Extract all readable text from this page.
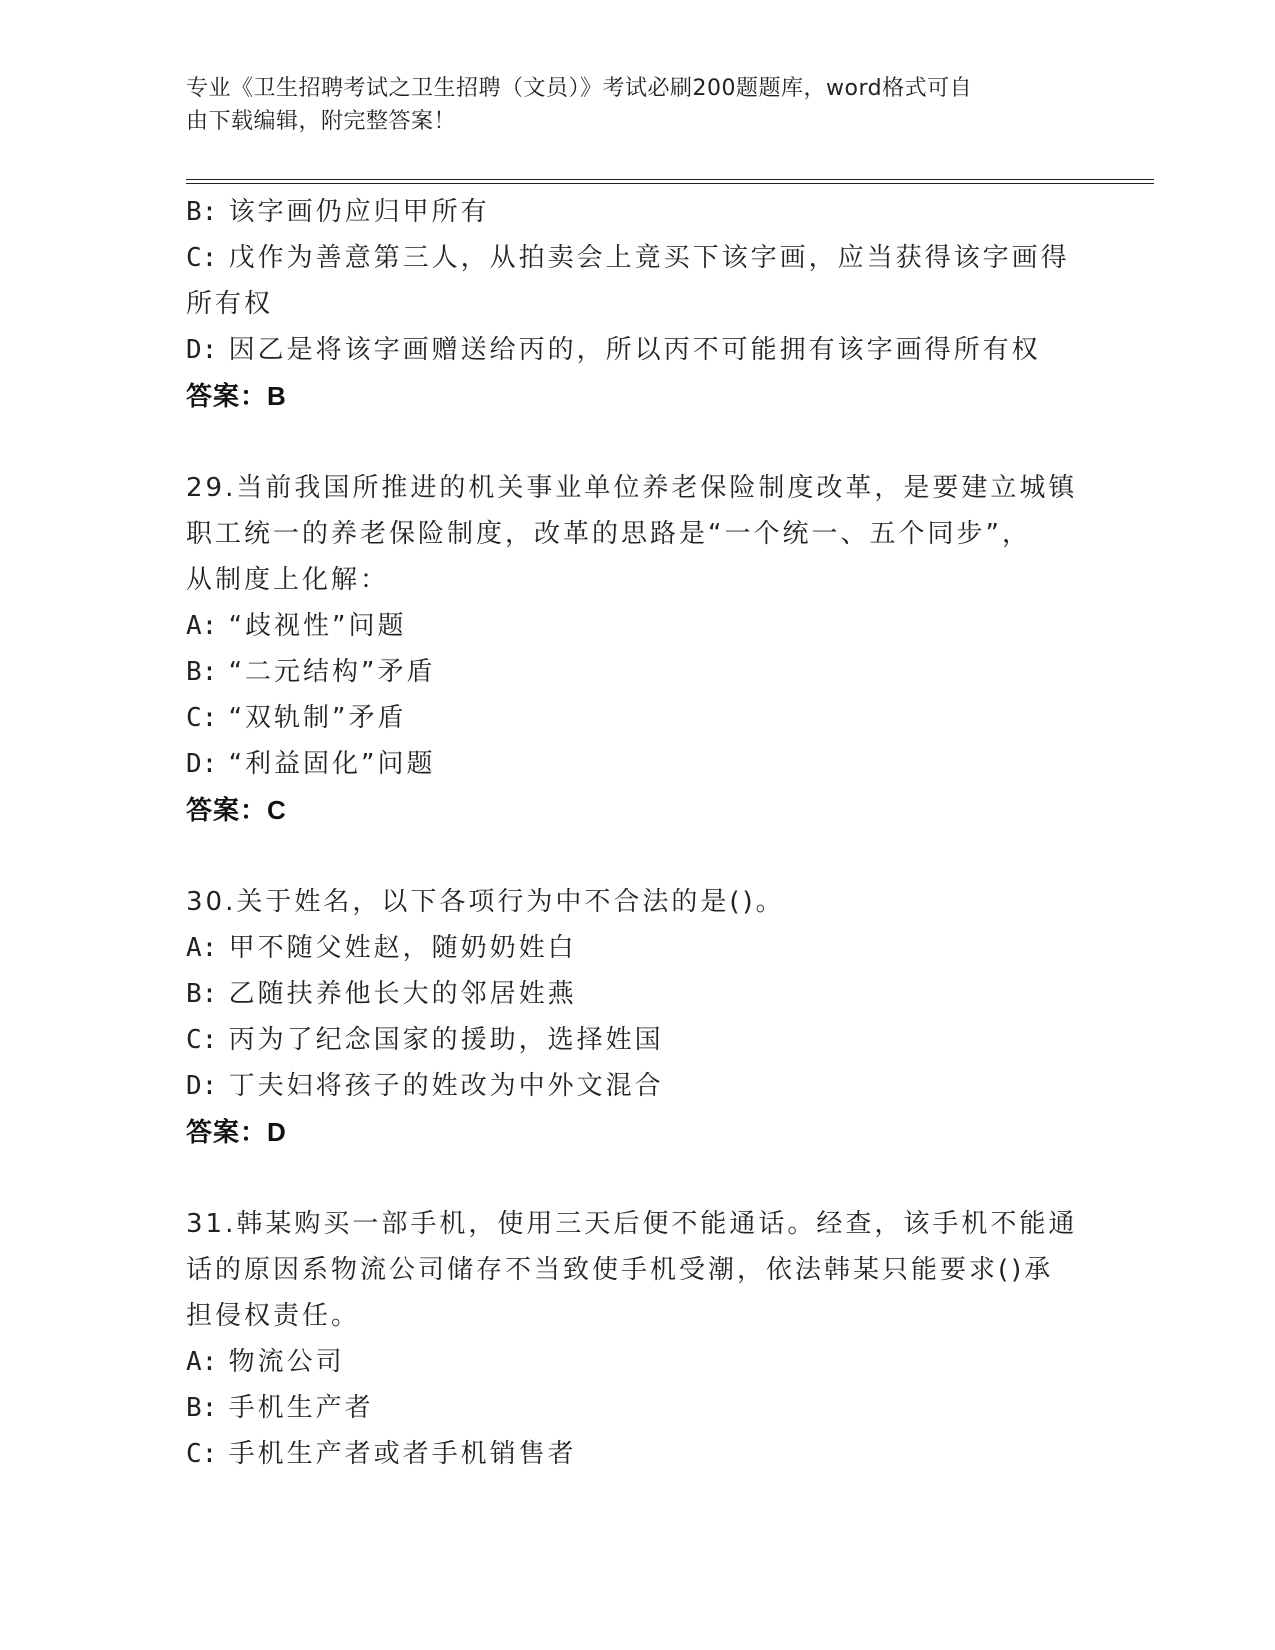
专业《卫生招聘考试之卫生招聘（文员）》考试必刷200题题库，word格式可自
由下载编辑，附完整答案！
B: 该字画仍应归甲所有
C: 戊作为善意第三人，从拍卖会上竟买下该字画，应当获得该字画得
所有权
D: 因乙是将该字画赠送给丙的，所以丙不可能拥有该字画得所有权
答案：B
29.当前我国所推进的机关事业单位养老保险制度改革，是要建立城镇
职工统一的养老保险制度，改革的思路是“一个统一、五个同步”，
从制度上化解：
A: “歧视性”问题
B: “二元结构”矛盾
C: “双轨制”矛盾
D: “利益固化”问题
答案：C
30.关于姓名，以下各项行为中不合法的是()。
A: 甲不随父姓赵，随奶奶姓白
B: 乙随扶养他长大的邻居姓燕
C: 丙为了纪念国家的援助，选择姓国
D: 丁夫妇将孩子的姓改为中外文混合
答案：D
31.韩某购买一部手机，使用三天后便不能通话。经查，该手机不能通
话的原因系物流公司储存不当致使手机受潮，依法韩某只能要求()承
担侵权责任。
A: 物流公司
B: 手机生产者
C: 手机生产者或者手机销售者
